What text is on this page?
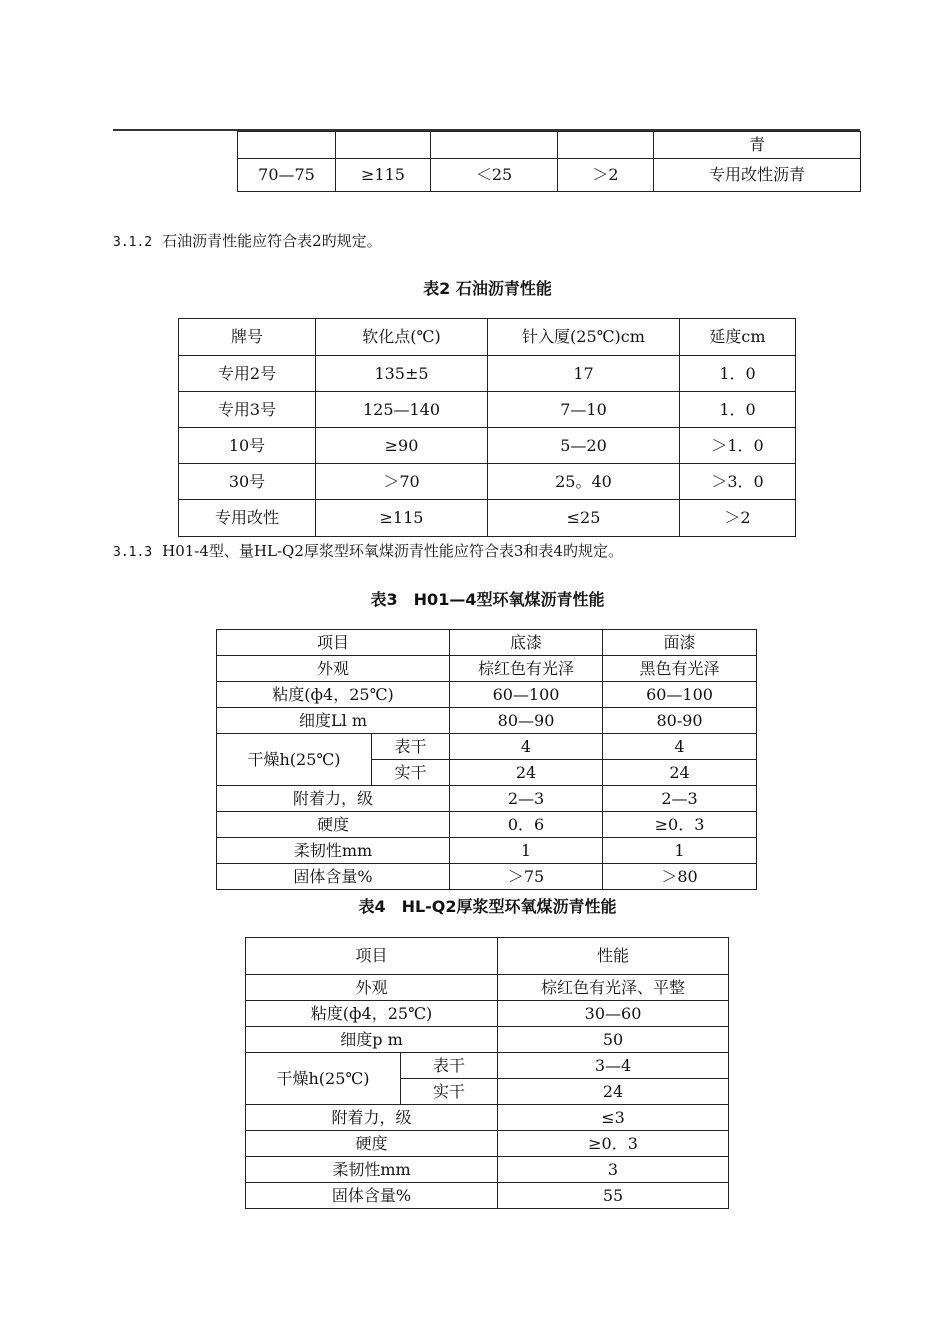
				青
70—75	≥115	＜25	＞2	专用改性沥青
3.1.2 石油沥青性能应符合表2旳规定。
表2 石油沥青性能
牌号	软化点(℃)	针入厦(25℃)cm	延度cm
专用2号	135±5	17	1．0
专用3号	125—140	7—10	1．0
10号	≥90	5—20	＞1．0
30号	＞70	25。40	＞3．0
专用改性	≥115	≤25	＞2
3.1.3 H01-4型、量HL-Q2厚浆型环氧煤沥青性能应符合表3和表4旳规定。
表3　H01—4型环氧煤沥青性能
项目		底漆	面漆
外观		棕红色有光泽	黑色有光泽
粘度(ф4，25℃)		60—100	60—100
细度Ll m		80—90	80-90
干燥h(25℃)	表干	4	4
	实干	24	24
附着力，级		2—3	2—3
硬度		0．6	≥0．3
柔韧性mm		1	1
固体含量%		＞75	＞80
表4　HL-Q2厚浆型环氧煤沥青性能
项目		性能
外观		棕红色有光泽、平整
粘度(ф4，25℃)		30—60
细度p m		50
干燥h(25℃)	表干	3—4
	实干	24
附着力，级		≤3
硬度		≥0．3
柔韧性mm		3
固体含量%		55
